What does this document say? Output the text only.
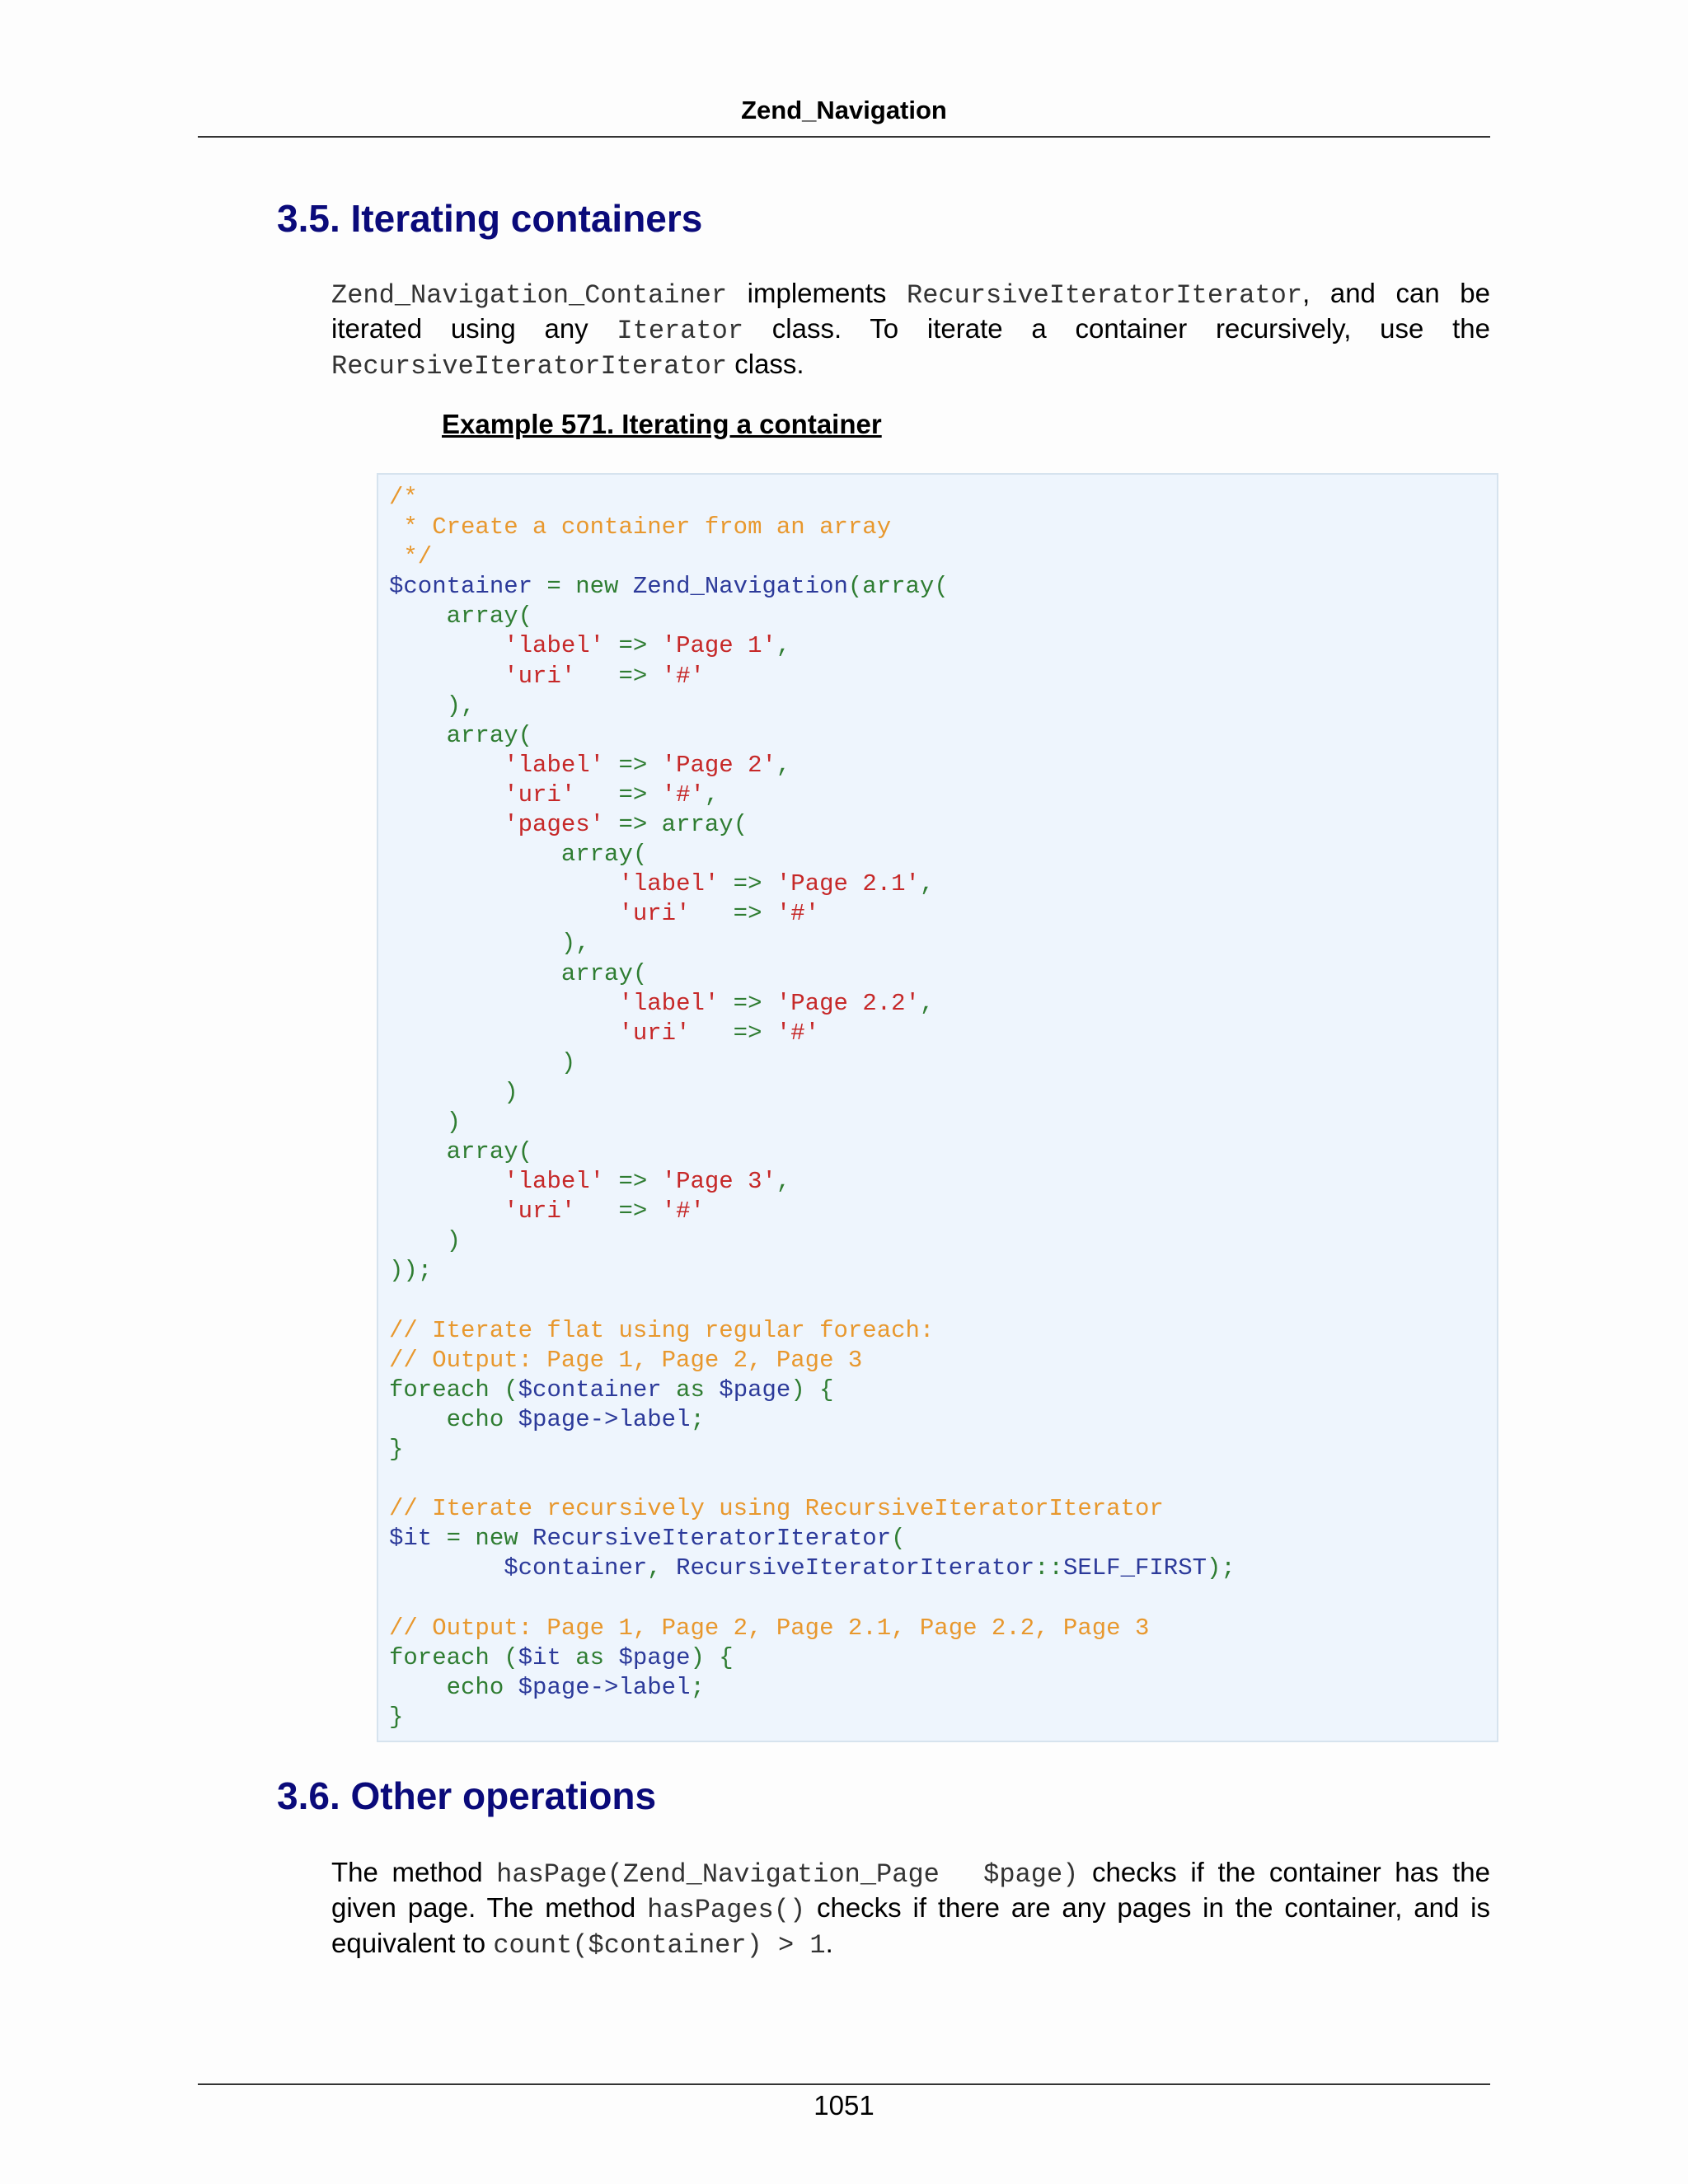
Zend_Navigation
3.5. Iterating containers

Zend_Navigation_Container implements RecursiveIteratorIterator, and can be iterated using any Iterator class. To iterate a container recursively, use the RecursiveIteratorIterator class.

Example 571. Iterating a container
/*
* Create a container from an array
*/
$container = new Zend_Navigation(array(
array(
'label' => 'Page 1',
'uri'   => '#'
),
array(
'label' => 'Page 2',
'uri'   => '#',
'pages' => array(
array(
'label' => 'Page 2.1',
'uri'   => '#'
),
array(
'label' => 'Page 2.2',
'uri'   => '#'
)
)
)
array(
'label' => 'Page 3',
'uri'   => '#'
)
));

// Iterate flat using regular foreach:
// Output: Page 1, Page 2, Page 3
foreach ($container as $page) {
echo $page->label;
}

// Iterate recursively using RecursiveIteratorIterator
$it = new RecursiveIteratorIterator(
$container, RecursiveIteratorIterator::SELF_FIRST);

// Output: Page 1, Page 2, Page 2.1, Page 2.2, Page 3
foreach ($it as $page) {
echo $page->label;
}
3.6. Other operations

The method hasPage(Zend_Navigation_Page  $page) checks if the container has the given page. The method hasPages() checks if there are any pages in the container, and is equivalent to count($container) > 1.

1051
